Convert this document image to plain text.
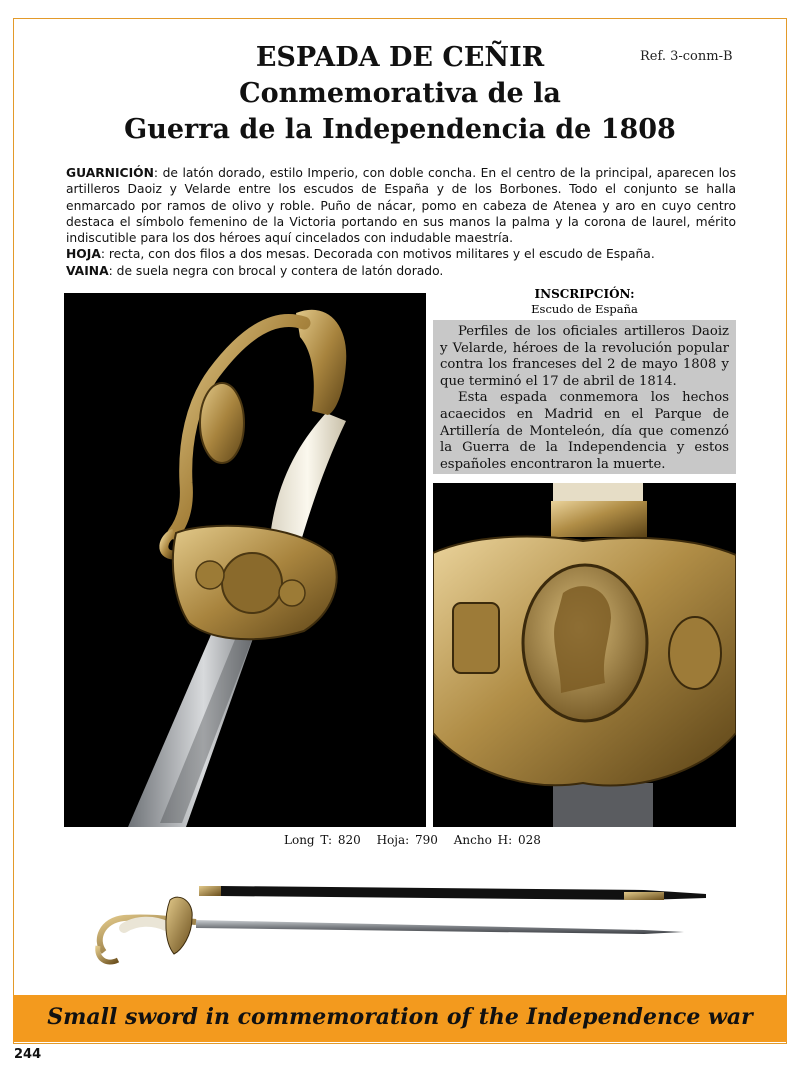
ESPADA DE CEÑIR
Conmemorativa de la
Guerra de la Independencia de 1808
Ref. 3-conm-B

GUARNICIÓN: de latón dorado, estilo Imperio, con doble concha. En el centro de la principal, aparecen los artilleros Daoiz y Velarde entre los escudos de España y de los Borbones. Todo el conjunto se halla enmarcado por ramos de olivo y roble. Puño de nácar, pomo en cabeza de Atenea y aro en cuyo centro destaca el símbolo femenino de la Victoria portando en sus manos la palma y la corona de laurel, mérito indiscutible para los dos héroes aquí cincelados con indudable maestría.

HOJA: recta, con dos filos a dos mesas. Decorada con motivos militares y el escudo de España.

VAINA: de suela negra con brocal y contera de latón dorado.

INSCRIPCIÓN:
Escudo de España

Perfiles de los oficiales artilleros Daoiz y Velarde, héroes de la revolución popular contra los franceses del 2 de mayo 1808 y que terminó el 17 de abril de 1814.

Esta espada conmemora los hechos acaecidos en Madrid en el Parque de Artillería de Monteleón, día que comenzó la Guerra de la Independencia y estos españoles encontraron la muerte.

Long T: 820 Hoja: 790 Ancho H: 028
Small sword in commemoration of the Independence war
244
